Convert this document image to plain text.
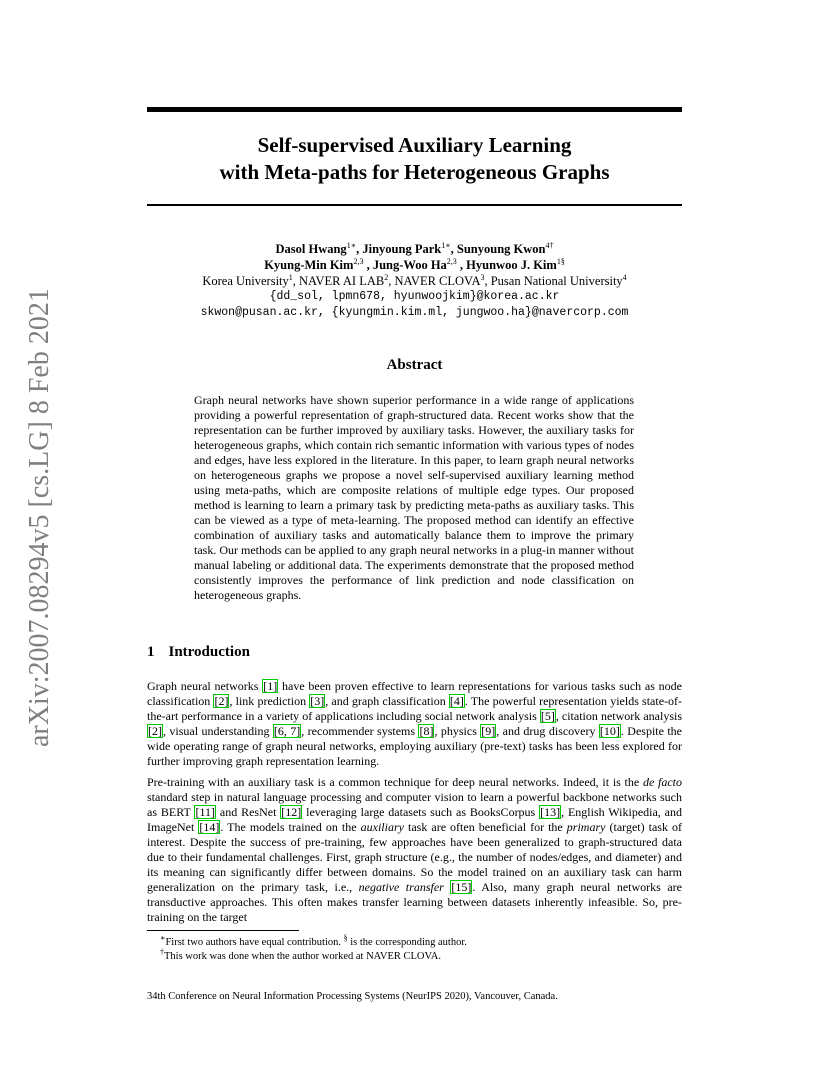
arXiv:2007.08294v5 [cs.LG] 8 Feb 2021
Self-supervised Auxiliary Learning
with Meta-paths for Heterogeneous Graphs
Dasol Hwang$^{1∗}$, Jinyoung Park$^{1∗}$, Sunyoung Kwon$^{4\dagger}$
Kyung-Min Kim$^{2,3}$ , Jung-Woo Ha$^{2,3}$ , Hyunwoo J. Kim$^{1\S}$
Korea University$^1$, NAVER AI LAB$^2$, NAVER CLOVA$^3$, Pusan National University$^4$
{dd_sol, lpmn678, hyunwoojkim}@korea.ac.kr
skwon@pusan.ac.kr, {kyungmin.kim.ml, jungwoo.ha}@navercorp.com
Abstract
Graph neural networks have shown superior performance in a wide range of applications providing a powerful representation of graph-structured data. Recent works show that the representation can be further improved by auxiliary tasks. However, the auxiliary tasks for heterogeneous graphs, which contain rich semantic information with various types of nodes and edges, have less explored in the literature. In this paper, to learn graph neural networks on heterogeneous graphs we propose a novel self-supervised auxiliary learning method using meta-paths, which are composite relations of multiple edge types. Our proposed method is learning to learn a primary task by predicting meta-paths as auxiliary tasks. This can be viewed as a type of meta-learning. The proposed method can identify an effective combination of auxiliary tasks and automatically balance them to improve the primary task. Our methods can be applied to any graph neural networks in a plug-in manner without manual labeling or additional data. The experiments demonstrate that the proposed method consistently improves the performance of link prediction and node classification on heterogeneous graphs.
1 Introduction
Graph neural networks [1] have been proven effective to learn representations for various tasks such as node classification [2], link prediction [3], and graph classification [4]. The powerful representation yields state-of-the-art performance in a variety of applications including social network analysis [5], citation network analysis [2], visual understanding [6, 7], recommender systems [8], physics [9], and drug discovery [10]. Despite the wide operating range of graph neural networks, employing auxiliary (pre-text) tasks has been less explored for further improving graph representation learning.
Pre-training with an auxiliary task is a common technique for deep neural networks. Indeed, it is the de facto standard step in natural language processing and computer vision to learn a powerful backbone networks such as BERT [11] and ResNet [12] leveraging large datasets such as BooksCorpus [13], English Wikipedia, and ImageNet [14]. The models trained on the auxiliary task are often beneficial for the primary (target) task of interest. Despite the success of pre-training, few approaches have been generalized to graph-structured data due to their fundamental challenges. First, graph structure (e.g., the number of nodes/edges, and diameter) and its meaning can significantly differ between domains. So the model trained on an auxiliary task can harm generalization on the primary task, i.e., negative transfer [15]. Also, many graph neural networks are transductive approaches. This often makes transfer learning between datasets inherently infeasible. So, pre-training on the target
∗First two authors have equal contribution. § is the corresponding author.
†This work was done when the author worked at NAVER CLOVA.
34th Conference on Neural Information Processing Systems (NeurIPS 2020), Vancouver, Canada.
